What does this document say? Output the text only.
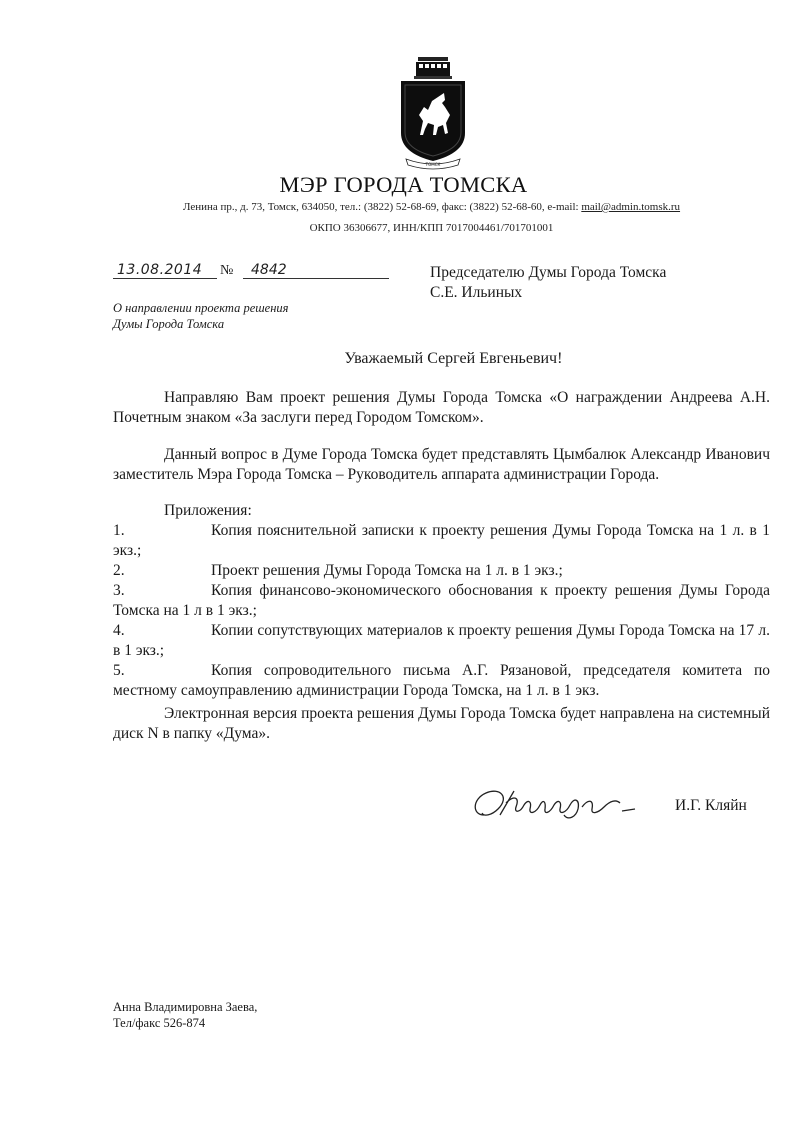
ТОМСК
МЭР ГОРОДА ТОМСКА
Ленина пр., д. 73, Томск, 634050, тел.: (3822) 52-68-69, факс: (3822) 52-68-60, e-mail: mail@admin.tomsk.ru
ОКПО 36306677, ИНН/КПП 7017004461/701701001
13.08.2014	№	4842	Председателю Думы Города Томска
С.Е. Ильиных
О направлении проекта решения
Думы Города Томска
Уважаемый Сергей Евгеньевич!

Направляю Вам проект решения Думы Города Томска «О награждении Андреева А.Н. Почетным знаком «За заслуги перед Городом Томском».

Данный вопрос в Думе Города Томска будет представлять Цымбалюк Александр Иванович заместитель Мэра Города Томска – Руководитель аппарата администрации Города.

Приложения:

1.	Копия пояснительной записки к проекту решения Думы Города Томска на 1 л. в 1 экз.;

2.	Проект решения Думы Города Томска на 1 л. в 1 экз.;

3.	Копия финансово-экономического обоснования к проекту решения Думы Города Томска на 1 л в 1 экз.;

4.	Копии сопутствующих материалов к проекту решения Думы Города Томска на 17 л. в 1 экз.;

5.	Копия сопроводительного письма А.Г. Рязановой, председателя комитета по местному самоуправлению администрации Города Томска, на 1 л. в 1 экз.

Электронная версия проекта решения Думы Города Томска будет направлена на системный диск N в папку «Дума».

И.Г. Кляйн
Анна Владимировна Заева,
Тел/факс 526-874
